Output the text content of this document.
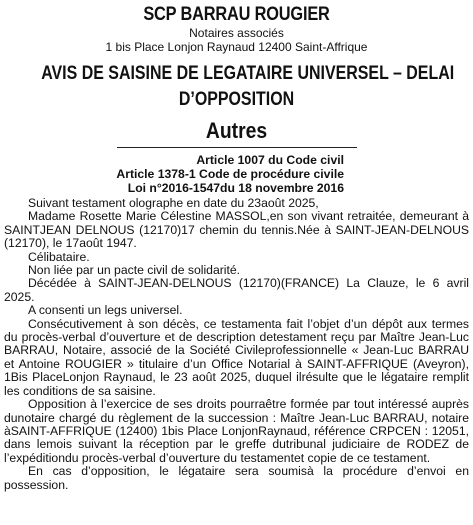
SCP BARRAU ROUGIER

Notaires associés

1 bis Place Lonjon Raynaud 12400 Saint-Affrique

AVIS DE SAISINE DE LEGATAIRE UNIVERSEL – DELAI
D’OPPOSITION
Autres
Article 1007 du Code civil
Article 1378-1 Code de procédure civile
Loi n°2016-1547du 18 novembre 2016

Suivant testament olographe en date du 23août 2025,

Madame Rosette Marie Célestine MASSOL,en son vivant retraitée, demeurant à SAINTJEAN DELNOUS (12170)17 chemin du tennis.Née à SAINT-JEAN-DELNOUS (12170), le 17août 1947.

Célibataire.

Non liée par un pacte civil de solidarité.

Décédée à SAINT-JEAN-DELNOUS (12170)(FRANCE) La Clauze, le 6 avril 2025.

A consenti un legs universel.

Consécutivement à son décès, ce testamenta fait l’objet d’un dépôt aux termes du procès-verbal d’ouverture et de description detestament reçu par Maître Jean-Luc BARRAU, Notaire, associé de la Société Civileprofessionnelle « Jean-Luc BARRAU et Antoine ROUGIER » titulaire d’un Office Notarial à SAINT-AFFRIQUE (Aveyron), 1Bis PlaceLonjon Raynaud, le 23 août 2025, duquel ilrésulte que le légataire remplit les conditions de sa saisine.

Opposition à l’exercice de ses droits pourraêtre formée par tout intéressé auprès dunotaire chargé du règlement de la succession : Maître Jean-Luc BARRAU, notaire àSAINT-AFFRIQUE (12400) 1bis Place LonjonRaynaud, référence CRPCEN : 12051, dans lemois suivant la réception par le greffe dutribunal judiciaire de RODEZ de l’expéditiondu procès-verbal d’ouverture du testamentet copie de ce testament.

En cas d’opposition, le légataire sera soumisà la procédure d’envoi en possession.
